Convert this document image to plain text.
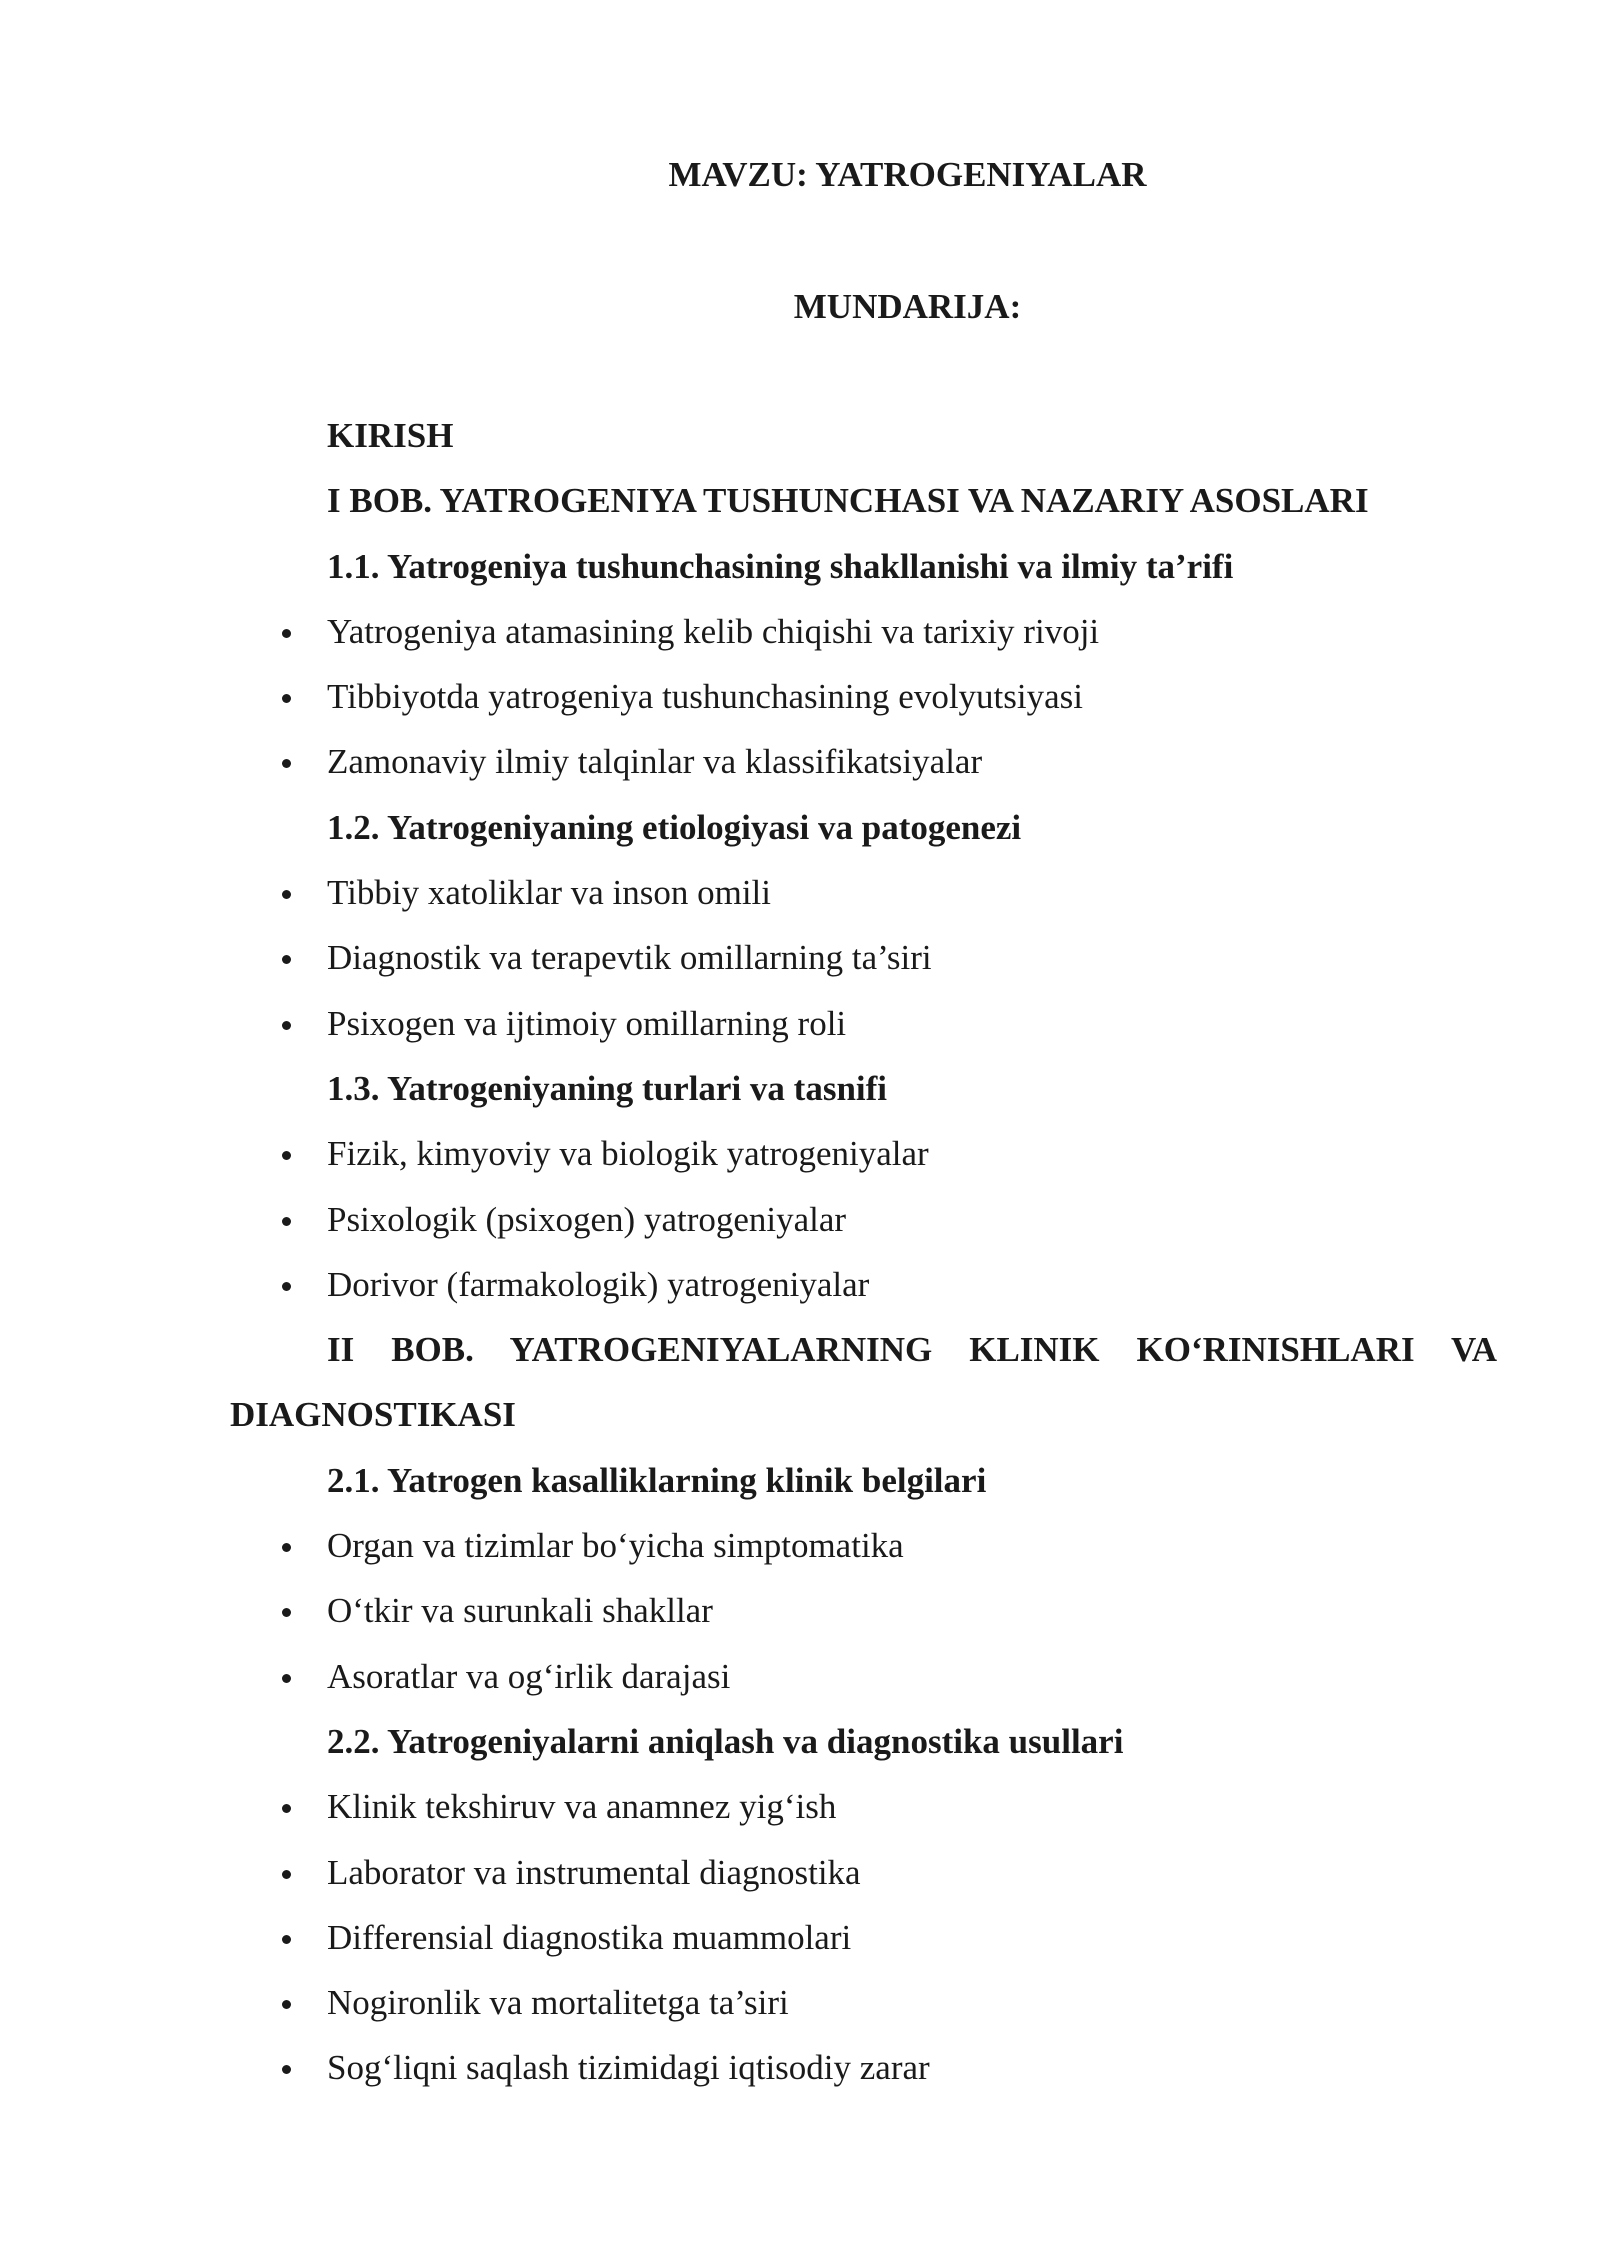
MAVZU: YATROGENIYALAR
MUNDARIJA:
KIRISH
I BOB. YATROGENIYA TUSHUNCHASI VA NAZARIY ASOSLARI
1.1. Yatrogeniya tushunchasining shakllanishi va ilmiy ta’rifi
Yatrogeniya atamasining kelib chiqishi va tarixiy rivoji
Tibbiyotda yatrogeniya tushunchasining evolyutsiyasi
Zamonaviy ilmiy talqinlar va klassifikatsiyalar
1.2. Yatrogeniyaning etiologiyasi va patogenezi
Tibbiy xatoliklar va inson omili
Diagnostik va terapevtik omillarning ta’siri
Psixogen va ijtimoiy omillarning roli
1.3. Yatrogeniyaning turlari va tasnifi
Fizik, kimyoviy va biologik yatrogeniyalar
Psixologik (psixogen) yatrogeniyalar
Dorivor (farmakologik) yatrogeniyalar
II BOB. YATROGENIYALARNING KLINIK KO‘RINISHLARI VA
DIAGNOSTIKASI
2.1. Yatrogen kasalliklarning klinik belgilari
Organ va tizimlar bo‘yicha simptomatika
O‘tkir va surunkali shakllar
Asoratlar va og‘irlik darajasi
2.2. Yatrogeniyalarni aniqlash va diagnostika usullari
Klinik tekshiruv va anamnez yig‘ish
Laborator va instrumental diagnostika
Differensial diagnostika muammolari
Nogironlik va mortalitetga ta’siri
Sog‘liqni saqlash tizimidagi iqtisodiy zarar
